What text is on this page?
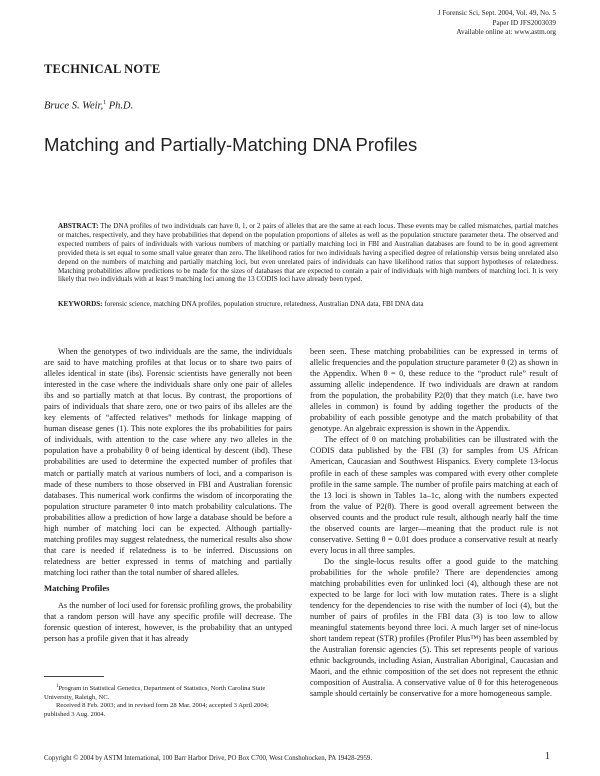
J Forensic Sci, Sept. 2004, Vol. 49, No. 5
Paper ID JFS2003039
Available online at: www.astm.org
TECHNICAL NOTE
Bruce S. Weir,$^1$ Ph.D.
Matching and Partially-Matching DNA Profiles
ABSTRACT: The DNA profiles of two individuals can have 0, 1, or 2 pairs of alleles that are the same at each locus. These events may be called mismatches, partial matches or matches, respectively, and they have probabilities that depend on the population proportions of alleles as well as the population structure parameter theta. The observed and expected numbers of pairs of individuals with various numbers of matching or partially matching loci in FBI and Australian databases are found to be in good agreement provided theta is set equal to some small value greater than zero. The likelihood ratios for two individuals having a specified degree of relationship versus being unrelated also depend on the numbers of matching and partially matching loci, but even unrelated pairs of individuals can have likelihood ratios that support hypotheses of relatedness. Matching probabilities allow predictions to be made for the sizes of databases that are expected to contain a pair of individuals with high numbers of matching loci. It is very likely that two individuals with at least 9 matching loci among the 13 CODIS loci have already been typed.
KEYWORDS: forensic science, matching DNA profiles, population structure, relatedness, Australian DNA data, FBI DNA data

When the genotypes of two individuals are the same, the individuals are said to have matching profiles at that locus or to share two pairs of alleles identical in state (ibs). Forensic scientists have generally not been interested in the case where the individuals share only one pair of alleles ibs and so partially match at that locus. By contrast, the proportions of pairs of individuals that share zero, one or two pairs of ibs alleles are the key elements of “affected relatives” methods for linkage mapping of human disease genes (1). This note explores the ibs probabilities for pairs of individuals, with attention to the case where any two alleles in the population have a probability θ of being identical by descent (ibd). These probabilities are used to determine the expected number of profiles that match or partially match at various numbers of loci, and a comparison is made of these numbers to those observed in FBI and Australian forensic databases. This numerical work confirms the wisdom of incorporating the population structure parameter θ into match probability calculations. The probabilities allow a prediction of how large a database should be before a high number of matching loci can be expected. Although partially-matching profiles may suggest relatedness, the numerical results also show that care is needed if relatedness is to be inferred. Discussions on relatedness are better expressed in terms of matching and partially matching loci rather than the total number of shared alleles.

Matching Profiles

As the number of loci used for forensic profiling grows, the probability that a random person will have any specific profile will decrease. The forensic question of interest, however, is the probability that an untyped person has a profile given that it has already

$^1$Program in Statistical Genetics, Department of Statistics, North Carolina State University, Raleigh, NC.

Received 8 Feb. 2003; and in revised form 28 Mar. 2004; accepted 3 April 2004; published 3 Aug. 2004.

been seen. These matching probabilities can be expressed in terms of allelic frequencies and the population structure parameter θ (2) as shown in the Appendix. When θ = 0, these reduce to the “product rule” result of assuming allelic independence. If two individuals are drawn at random from the population, the probability P2(θ) that they match (i.e. have two alleles in common) is found by adding together the products of the probability of each possible genotype and the match probability of that genotype. An algebraic expression is shown in the Appendix.

The effect of θ on matching probabilities can be illustrated with the CODIS data published by the FBI (3) for samples from US African American, Caucasian and Southwest Hispanics. Every complete 13-locus profile in each of these samples was compared with every other complete profile in the same sample. The number of profile pairs matching at each of the 13 loci is shown in Tables 1a–1c, along with the numbers expected from the value of P2(θ). There is good overall agreement between the observed counts and the product rule result, although nearly half the time the observed counts are larger—meaning that the product rule is not conservative. Setting θ = 0.01 does produce a conservative result at nearly every locus in all three samples.

Do the single-locus results offer a good guide to the matching probabilities for the whole profile? There are dependencies among matching probabilities even for unlinked loci (4), although these are not expected to be large for loci with low mutation rates. There is a slight tendency for the dependencies to rise with the number of loci (4), but the number of pairs of profiles in the FBI data (3) is too low to allow meaningful statements beyond three loci. A much larger set of nine-locus short tandem repeat (STR) profiles (Profiler Plus™) has been assembled by the Australian forensic agencies (5). This set represents people of various ethnic backgrounds, including Asian, Australian Aboriginal, Caucasian and Maori, and the ethnic composition of the set does not represent the ethnic composition of Australia. A conservative value of θ for this heterogeneous sample should certainly be conservative for a more homogeneous sample.

Copyright © 2004 by ASTM International, 100 Barr Harbor Drive, PO Box C700, West Conshohocken, PA 19428-2959.	1
